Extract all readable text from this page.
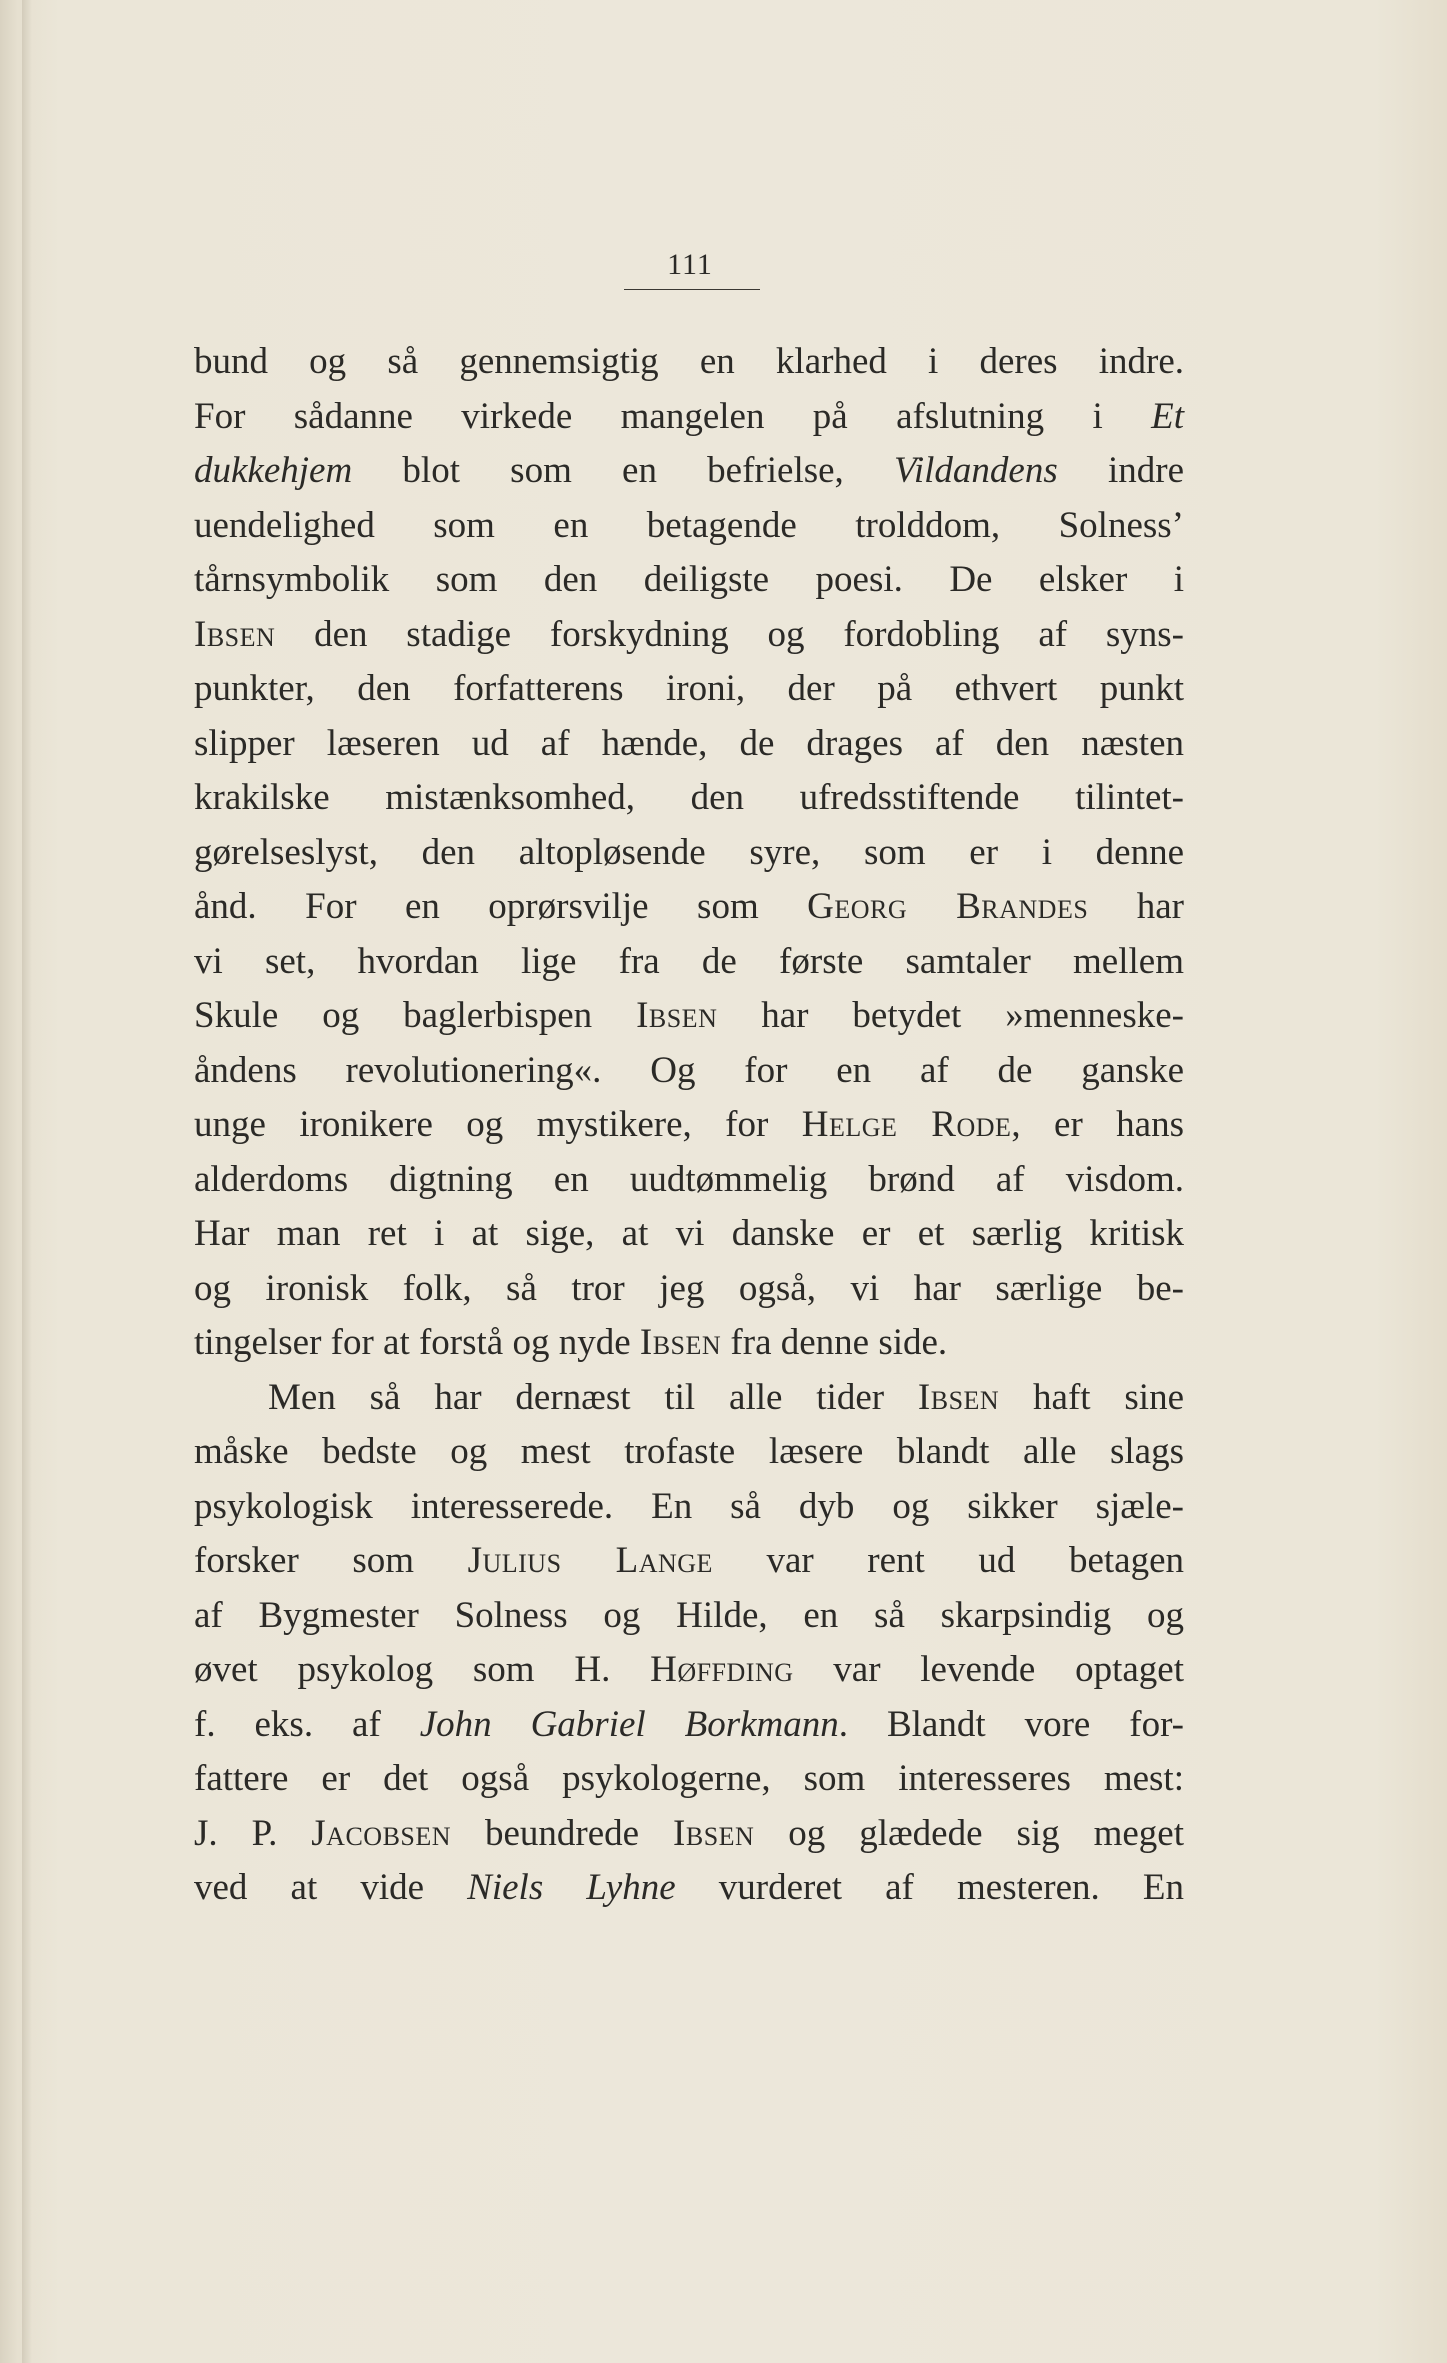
111
bund og så gennemsigtig en klarhed i deres indre.
For sådanne virkede mangelen på afslutning i Et
dukkehjem blot som en befrielse, Vildandens indre
uendelighed som en betagende trolddom, Solness’
tårnsymbolik som den deiligste poesi. De elsker i
Ibsen den stadige forskydning og fordobling af syns-
punkter, den forfatterens ironi, der på ethvert punkt
slipper læseren ud af hænde, de drages af den næsten
krakilske mistænksomhed, den ufredsstiftende tilintet-
gørelseslyst, den altopløsende syre, som er i denne
ånd. For en oprørsvilje som Georg Brandes har
vi set, hvordan lige fra de første samtaler mellem
Skule og baglerbispen Ibsen har betydet »menneske-
åndens revolutionering«. Og for en af de ganske
unge ironikere og mystikere, for Helge Rode, er hans
alderdoms digtning en uudtømmelig brønd af visdom.
Har man ret i at sige, at vi danske er et særlig kritisk
og ironisk folk, så tror jeg også, vi har særlige be-
tingelser for at forstå og nyde Ibsen fra denne side.
Men så har dernæst til alle tider Ibsen haft sine
måske bedste og mest trofaste læsere blandt alle slags
psykologisk interesserede. En så dyb og sikker sjæle-
forsker som Julius Lange var rent ud betagen
af Bygmester Solness og Hilde, en så skarpsindig og
øvet psykolog som H. Høffding var levende optaget
f. eks. af John Gabriel Borkmann. Blandt vore for-
fattere er det også psykologerne, som interesseres mest:
J. P. Jacobsen beundrede Ibsen og glædede sig meget
ved at vide Niels Lyhne vurderet af mesteren. En
